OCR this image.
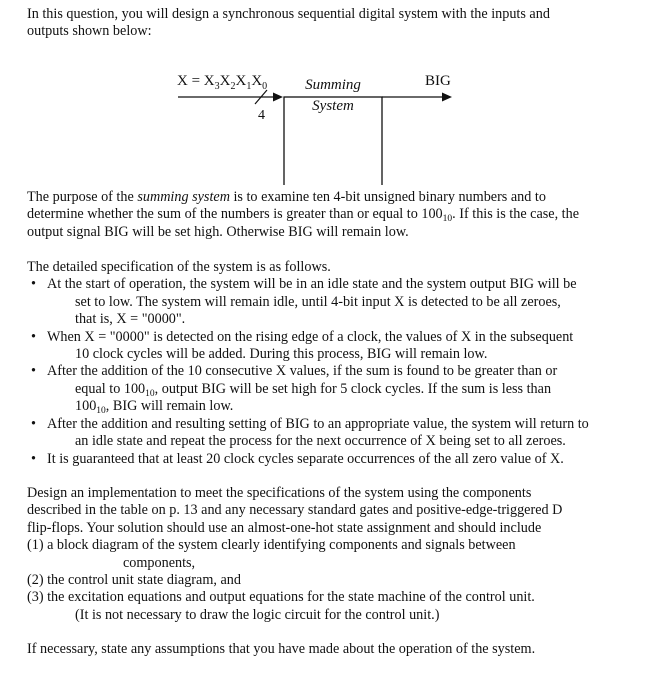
In this question, you will design a synchronous sequential digital system with the inputs and
outputs shown below:

$X = X_3X_2X_1X_0$
4
Summing
System
BIG

The purpose of the summing system is to examine ten 4-bit unsigned binary numbers and to
determine whether the sum of the numbers is greater than or equal to $100_{10}$. If this is the case, the
output signal BIG will be set high. Otherwise BIG will remain low.

The detailed specification of the system is as follows.

• At the start of operation, the system will be in an idle state and the system output BIG will be
set to low. The system will remain idle, until 4-bit input X is detected to be all zeroes,
that is, X = "0000".
• When X = "0000" is detected on the rising edge of a clock, the values of X in the subsequent
10 clock cycles will be added. During this process, BIG will remain low.
• After the addition of the 10 consecutive X values, if the sum is found to be greater than or
equal to $100_{10}$, output BIG will be set high for 5 clock cycles. If the sum is less than
$100_{10}$, BIG will remain low.
• After the addition and resulting setting of BIG to an appropriate value, the system will return to
an idle state and repeat the process for the next occurrence of X being set to all zeroes.
• It is guaranteed that at least 20 clock cycles separate occurrences of the all zero value of X.

Design an implementation to meet the specifications of the system using the components
described in the table on p. 13 and any necessary standard gates and positive-edge-triggered D
flip-flops. Your solution should use an almost-one-hot state assignment and should include

(1) a block diagram of the system clearly identifying components and signals between
components,

(2) the control unit state diagram, and

(3) the excitation equations and output equations for the state machine of the control unit.
(It is not necessary to draw the logic circuit for the control unit.)

If necessary, state any assumptions that you have made about the operation of the system.
